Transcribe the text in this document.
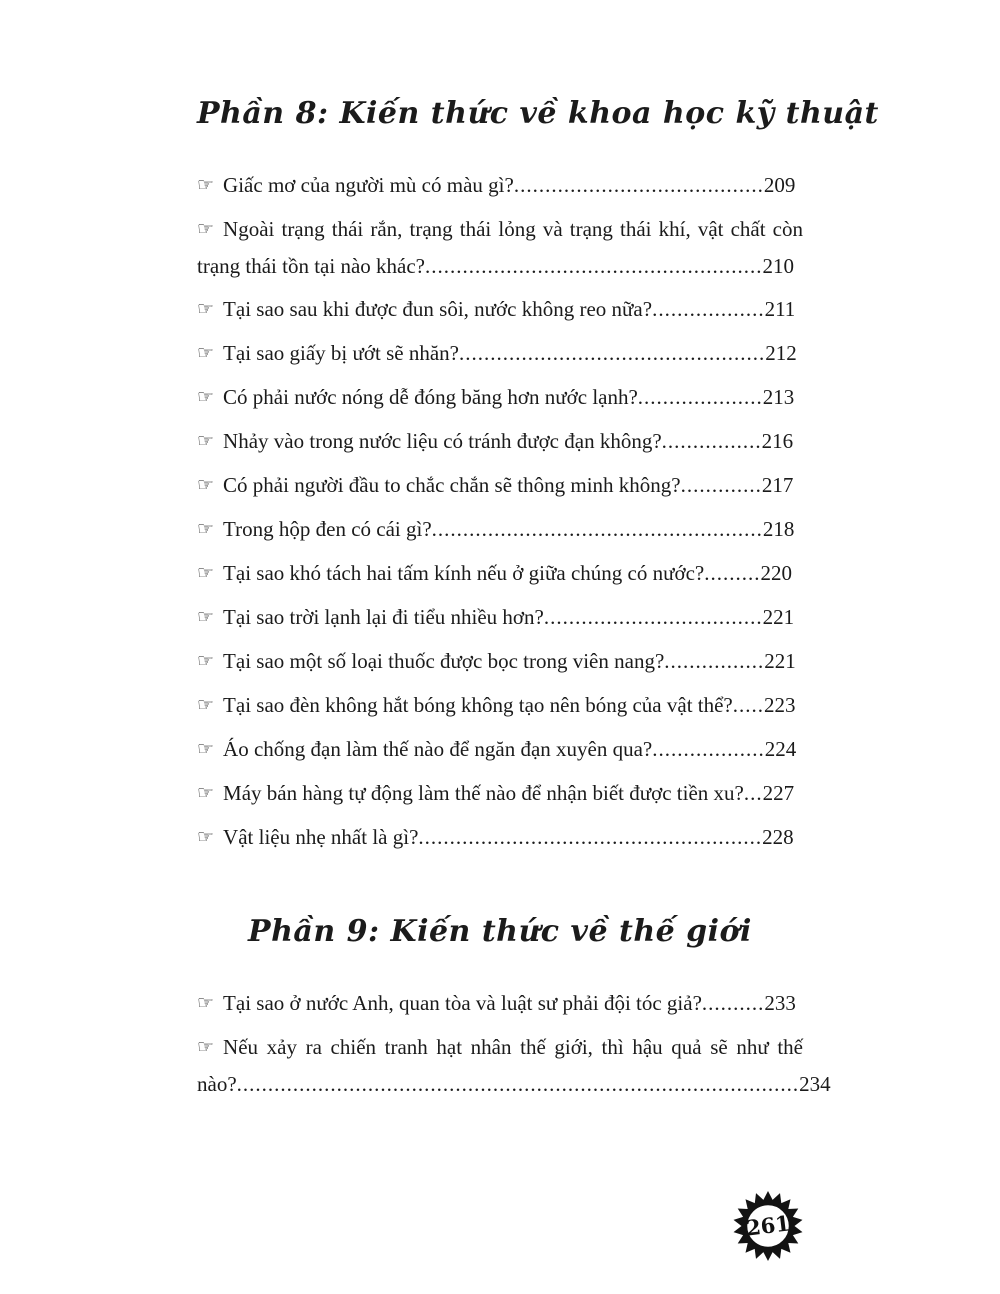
Phần 8: Kiến thức về khoa học kỹ thuật

☞ Giấc mơ của người mù có màu gì?........................................209

☞ Ngoài trạng thái rắn, trạng thái lỏng và trạng thái khí, vật chất còn trạng thái tồn tại nào khác?......................................................210

☞ Tại sao sau khi được đun sôi, nước không reo nữa?..................211

☞ Tại sao giấy bị ướt sẽ nhăn?.................................................212

☞ Có phải nước nóng dễ đóng băng hơn nước lạnh?....................213

☞ Nhảy vào trong nước liệu có tránh được đạn không?................216

☞ Có phải người đầu to chắc chắn sẽ thông minh không?.............217

☞ Trong hộp đen có cái gì?.....................................................218

☞ Tại sao khó tách hai tấm kính nếu ở giữa chúng có nước?.........220

☞ Tại sao trời lạnh lại đi tiểu nhiều hơn?...................................221

☞ Tại sao một số loại thuốc được bọc trong viên nang?................221

☞ Tại sao đèn không hắt bóng không tạo nên bóng của vật thể?.....223

☞ Áo chống đạn làm thế nào để ngăn đạn xuyên qua?..................224

☞ Máy bán hàng tự động làm thế nào để nhận biết được tiền xu?...227

☞ Vật liệu nhẹ nhất là gì?.......................................................228

Phần 9: Kiến thức về thế giới

☞ Tại sao ở nước Anh, quan tòa và luật sư phải đội tóc giả?..........233

☞ Nếu xảy ra chiến tranh hạt nhân thế giới, thì hậu quả sẽ như thế nào?..........................................................................................234

261
